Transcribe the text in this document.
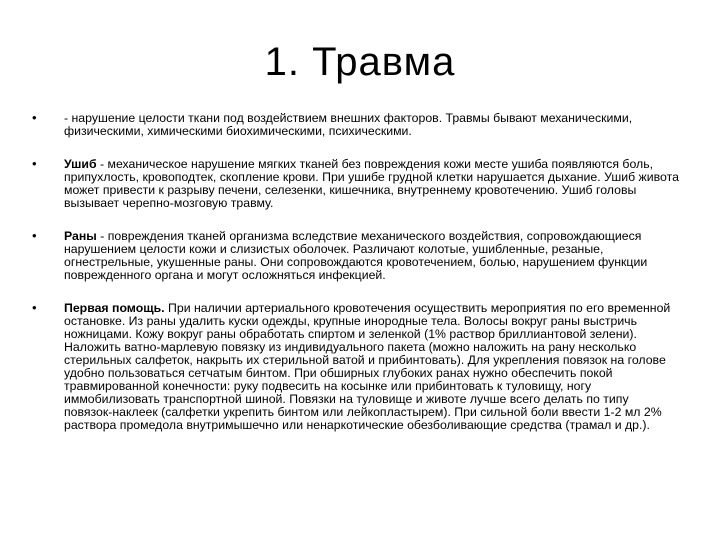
1. Травма
• - нарушение целости ткани под воздействием внешних факторов. Травмы бывают механическими, физическими, химическими биохимическими, психическими.
• Ушиб - механическое нарушение мягких тканей без повреждения кожи месте ушиба появляются боль, припухлость, кровоподтек, скопление крови. При ушибе грудной клетки нарушается дыхание. Ушиб живота может привести к разрыву печени, селезенки, кишечника, внутреннему кровотечению. Ушиб головы вызывает черепно-мозговую травму.
• Раны - повреждения тканей организма вследствие механического воздействия, сопровождающиеся нарушением целости кожи и слизистых оболочек. Различают колотые, ушибленные, резаные, огнестрельные, укушенные раны. Они сопровождаются кровотечением, болью, нарушением функции поврежденного органа и могут осложняться инфекцией.
• Первая помощь. При наличии артериального кровотечения осуществить мероприятия по его временной остановке. Из раны удалить куски одежды, крупные инородные тела. Волосы вокруг раны выстричь ножницами. Кожу вокруг раны обработать спиртом и зеленкой (1% раствор бриллиантовой зелени). Наложить ватно-марлевую повязку из индивидуального пакета (можно наложить на рану несколько стерильных салфеток, накрыть их стерильной ватой и прибинтовать). Для укрепления повязок на голове удобно пользоваться сетчатым бинтом. При обширных глубоких ранах нужно обеспечить покой травмированной конечности: руку подвесить на косынке или прибинтовать к туловищу, ногу иммобилизовать транспортной шиной. Повязки на туловище и животе лучше всего делать по типу повязок-наклеек (салфетки укрепить бинтом или лейкопластырем). При сильной боли ввести 1-2 мл 2% раствора промедола внутримышечно или ненаркотические обезболивающие средства (трамал и др.).
